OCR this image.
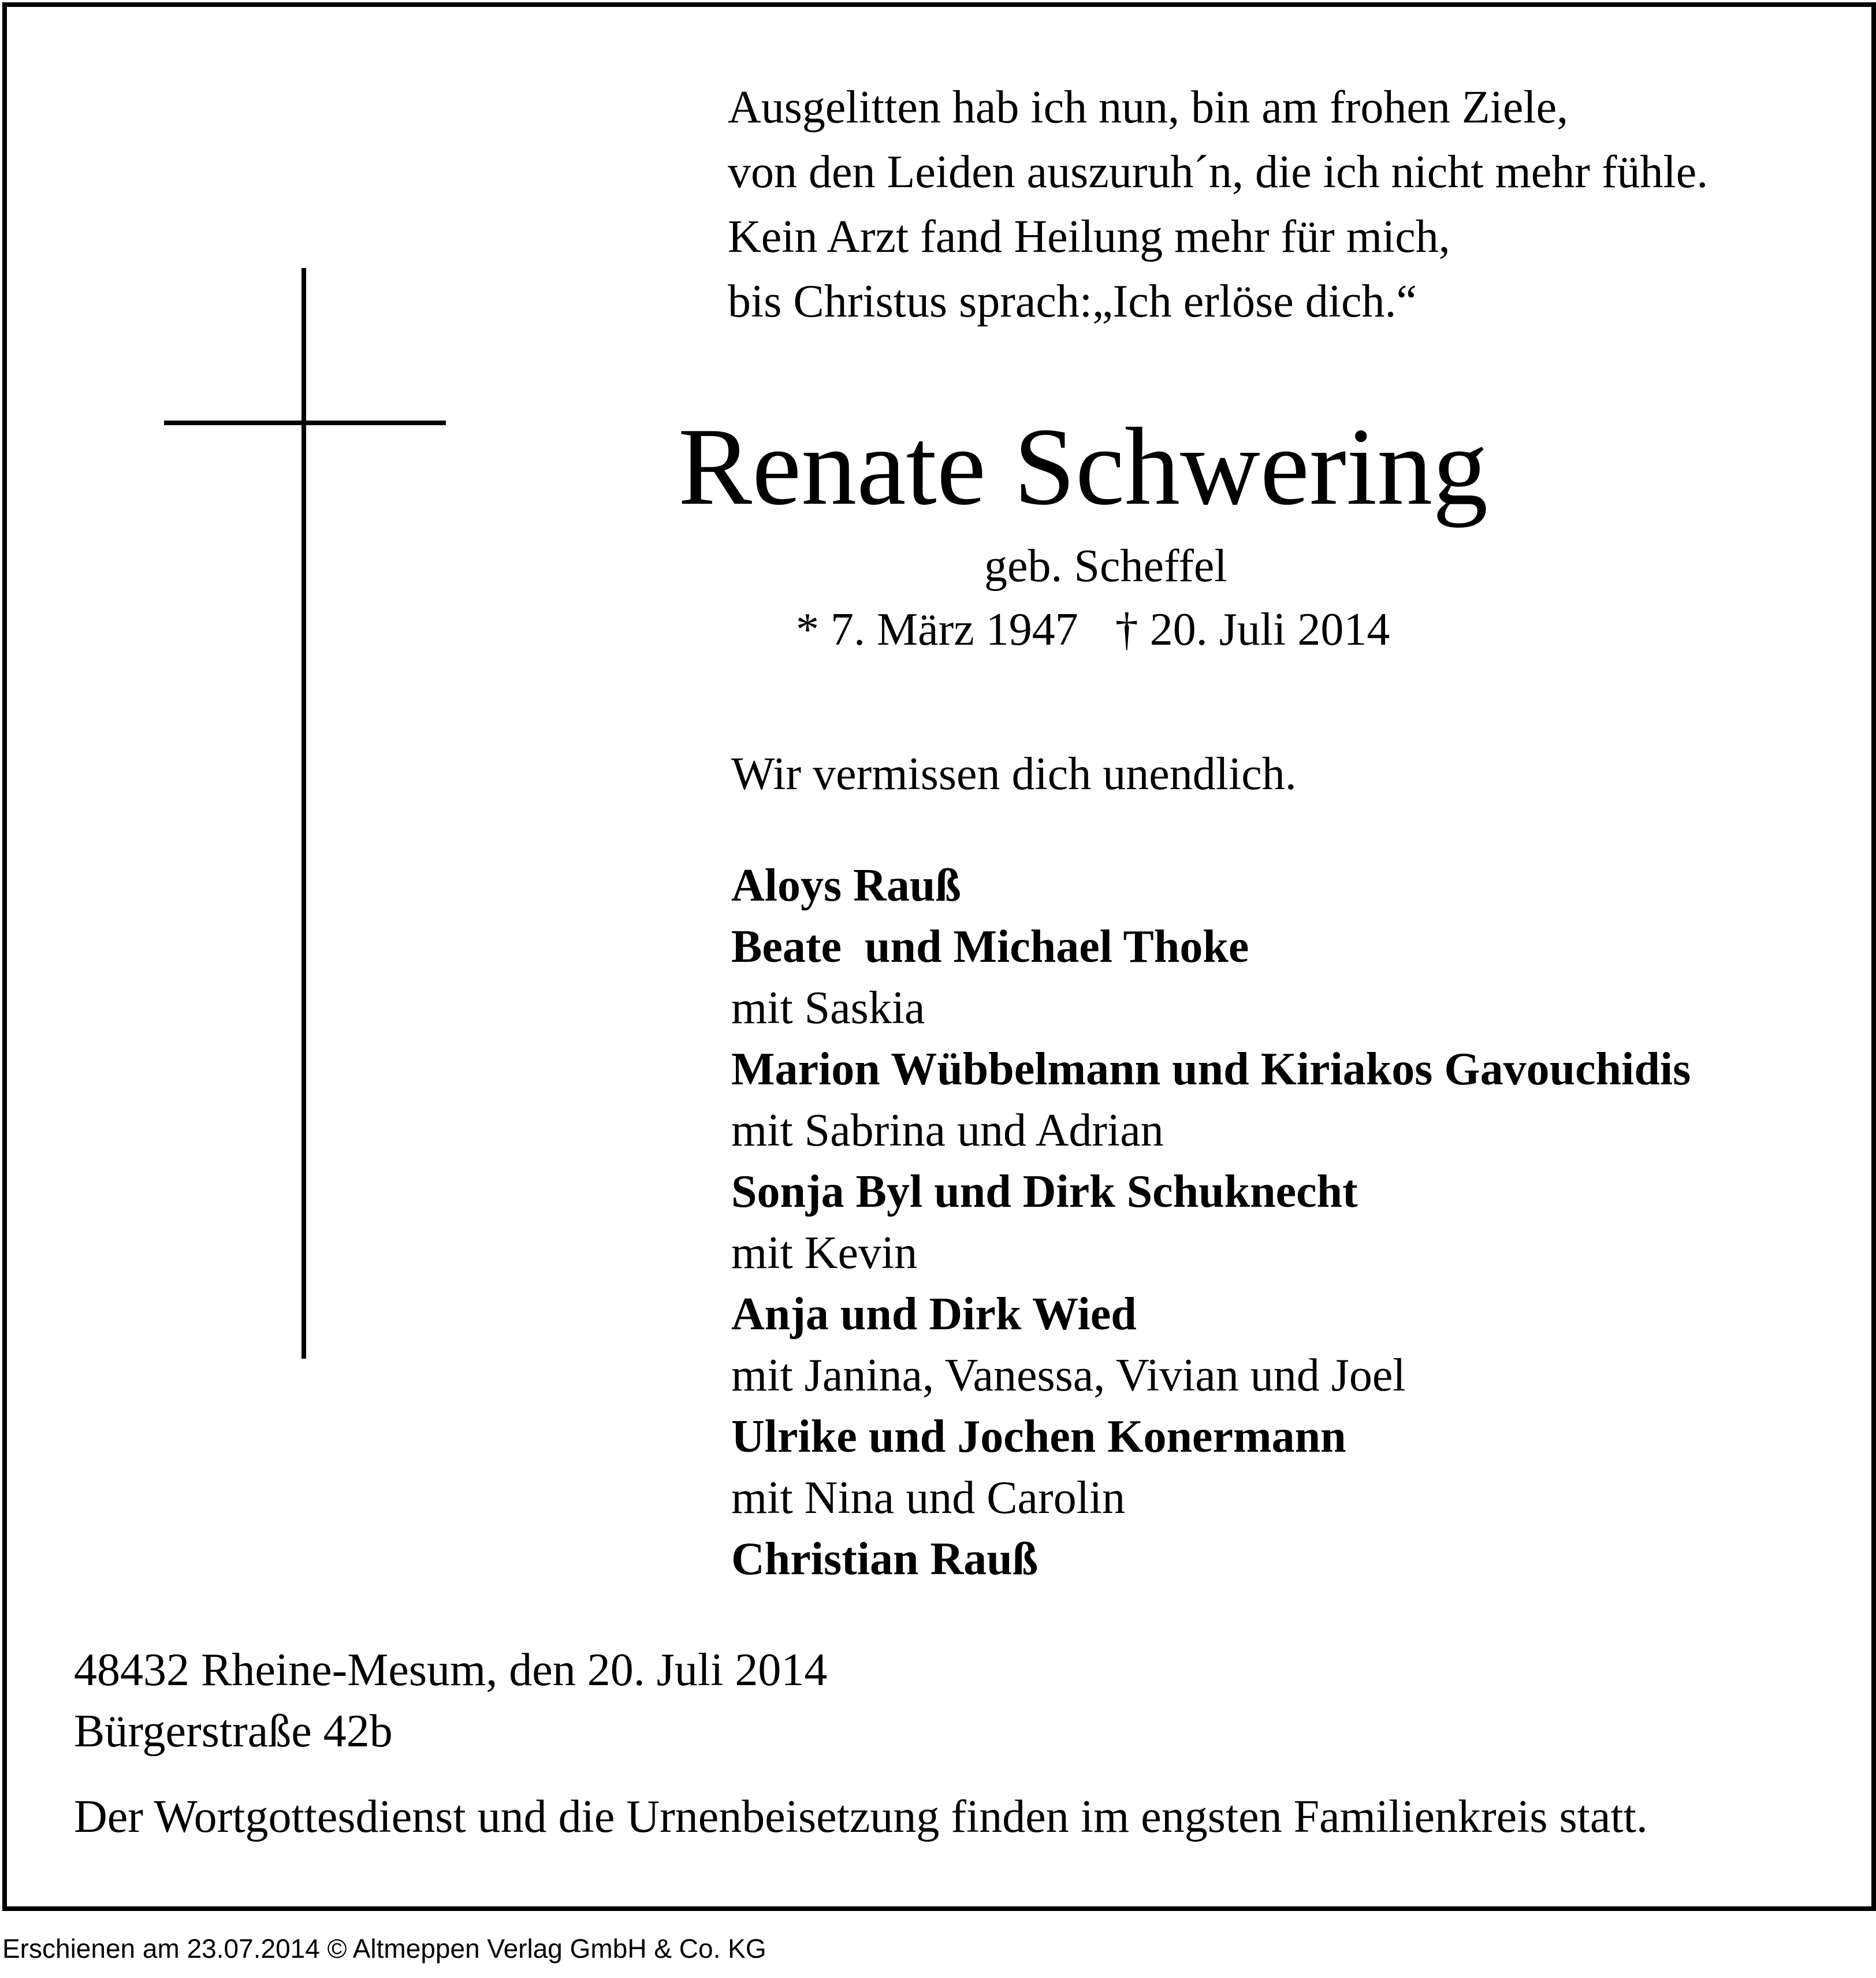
Ausgelitten hab ich nun, bin am frohen Ziele,
von den Leiden auszuruh´n, die ich nicht mehr fühle.
Kein Arzt fand Heilung mehr für mich,
bis Christus sprach:„Ich erlöse dich.“
Renate Schwering
geb. Scheffel
* 7. März 1947 † 20. Juli 2014
Wir vermissen dich unendlich.
Aloys Rauß
Beate  und Michael Thoke
mit Saskia
Marion Wübbelmann und Kiriakos Gavouchidis
mit Sabrina und Adrian
Sonja Byl und Dirk Schuknecht
mit Kevin
Anja und Dirk Wied
mit Janina, Vanessa, Vivian und Joel
Ulrike und Jochen Konermann
mit Nina und Carolin
Christian Rauß
48432 Rheine-Mesum, den 20. Juli 2014
Bürgerstraße 42b
Der Wortgottesdienst und die Urnenbeisetzung finden im engsten Familienkreis statt.
Erschienen am 23.07.2014 © Altmeppen Verlag GmbH & Co. KG
